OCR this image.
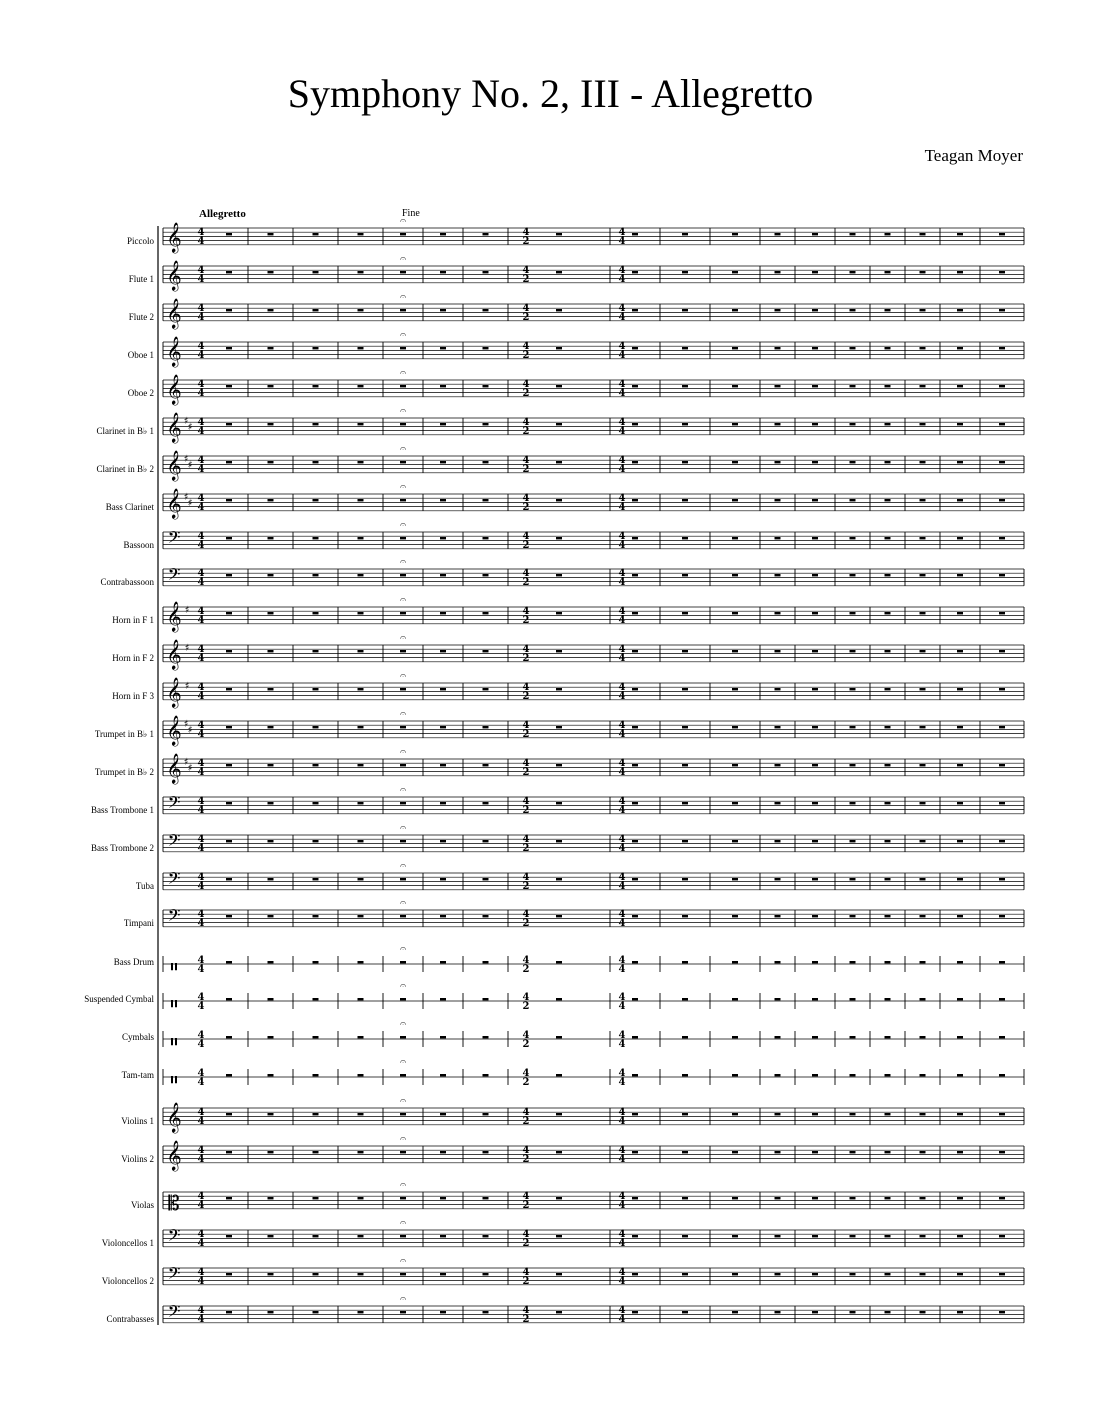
Symphony No. 2, III - Allegretto
Teagan Moyer
Allegretto	Fine
Piccolo
Flute 1
Flute 2
Oboe 1
Oboe 2
Clarinet in B♭ 1
Clarinet in B♭ 2
Bass Clarinet
Bassoon
Contrabassoon
Horn in F 1
Horn in F 2
Horn in F 3
Trumpet in B♭ 1
Trumpet in B♭ 2
Bass Trombone 1
Bass Trombone 2
Tuba
Timpani
Bass Drum
Suspended Cymbal
Cymbals
Tam-tam
Violins 1
Violins 2
Violas
Violoncellos 1
Violoncellos 2
Contrabasses
𝄞 4
4
4
2
4
4
𝄐
𝄞 4
4
4
2
4
4
𝄐
𝄞 4
4
4
2
4
4
𝄐
𝄞 4
4
4
2
4
4
𝄐
𝄞 4
4
4
2
4
4
𝄐
𝄞 ♯
♯ 4
4
4
2
4
4
𝄐
𝄞 ♯
♯ 4
4
4
2
4
4
𝄐
𝄞 ♯
♯ 4
4
4
2
4
4
𝄐
𝄢 4
4
4
2
4
4
𝄐
𝄢 4
4
4
2
4
4
𝄐
𝄞 ♯ 4
4
4
2
4
4
𝄐
𝄞 ♯ 4
4
4
2
4
4
𝄐
𝄞 ♯ 4
4
4
2
4
4
𝄐
𝄞 ♯
♯ 4
4
4
2
4
4
𝄐
𝄞 ♯
♯ 4
4
4
2
4
4
𝄐
𝄢 4
4
4
2
4
4
𝄐
𝄢 4
4
4
2
4
4
𝄐
𝄢 4
4
4
2
4
4
𝄐
𝄢 4
4
4
2
4
4
𝄐
𝄥 4
4
4
2
4
4
𝄐
𝄥 4
4
4
2
4
4
𝄐
𝄥 4
4
4
2
4
4
𝄐
𝄥 4
4
4
2
4
4
𝄐
𝄞 4
4
4
2
4
4
𝄐
𝄞 4
4
4
2
4
4
𝄐
𝄡 4
4
4
2
4
4
𝄐
𝄢 4
4
4
2
4
4
𝄐
𝄢 4
4
4
2
4
4
𝄐
𝄢 4
4
4
2
4
4
𝄐
